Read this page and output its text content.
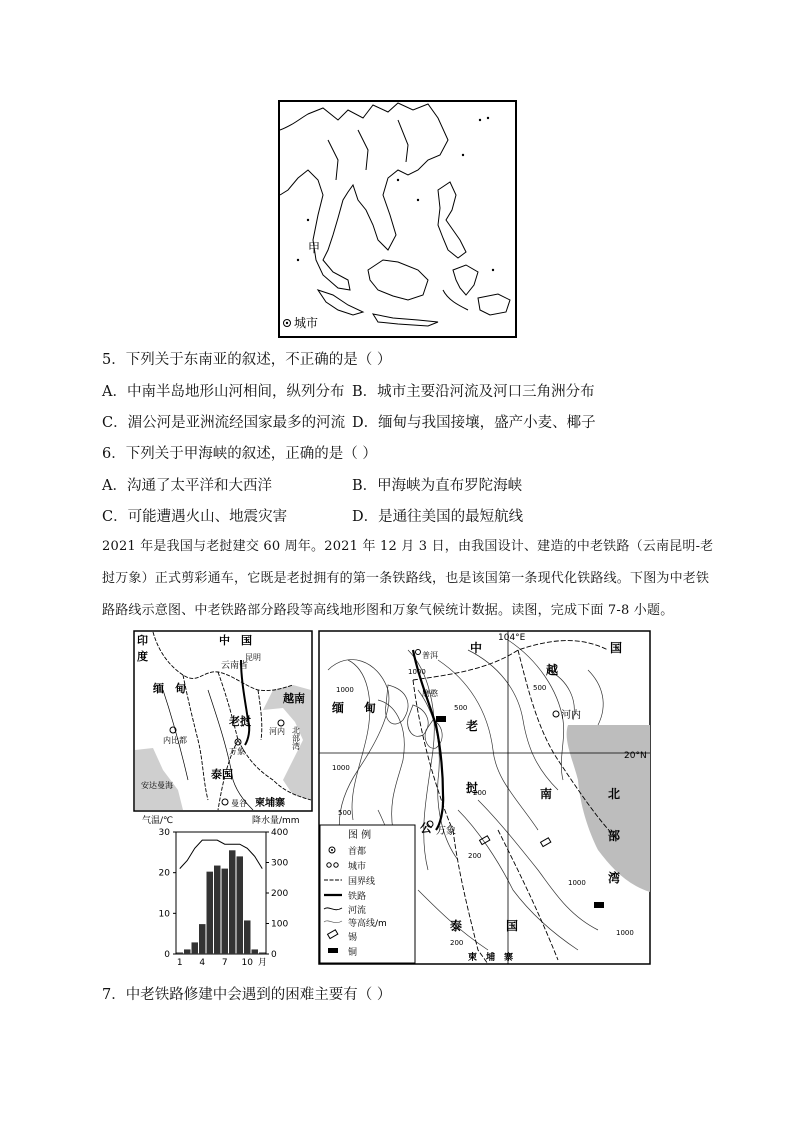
甲
城市
5．下列关于东南亚的叙述，不正确的是（ ）
A．中南半岛地形山河相间，纵列分布 B．城市主要沿河流及河口三角洲分布
C．湄公河是亚洲流经国家最多的河流 D．缅甸与我国接壤，盛产小麦、椰子
6．下列关于甲海峡的叙述，正确的是（ ）
A．沟通了太平洋和大西洋	B．甲海峡为直布罗陀海峡
C．可能遭遇火山、地震灾害	D．是通往美国的最短航线
2021 年是我国与老挝建交 60 周年。2021 年 12 月 3 日，由我国设计、建造的中老铁路（云南昆明-老
挝万象）正式剪彩通车，它既是老挝拥有的第一条铁路线，也是该国第一条现代化铁路线。下图为中老铁
路路线示意图、中老铁路部分路段等高线地形图和万象气候统计数据。读图，完成下面 7-8 小题。
印
度
中　国
云南省
昆明
缅　甸
老挝
越南
河内 北部湾
内比都
万象
泰国
安达曼海
曼谷 柬埔寨
中	国
越
南
缅 甸
老
挝
公
泰	国
北
部
湾
河内
万象
普洱
磨憨
20°N
104°E
柬　埔　寨
1000
1000
1000
1000
1000
500
500
500
200
200
200
图 例
首都
城市
国界线
铁路
河流
等高线/m
锡
铜
气温/℃	降水量/mm
0
10
20
30
0
100
200
300
400
1 4 7 10 月
7．中老铁路修建中会遇到的困难主要有（ ）
